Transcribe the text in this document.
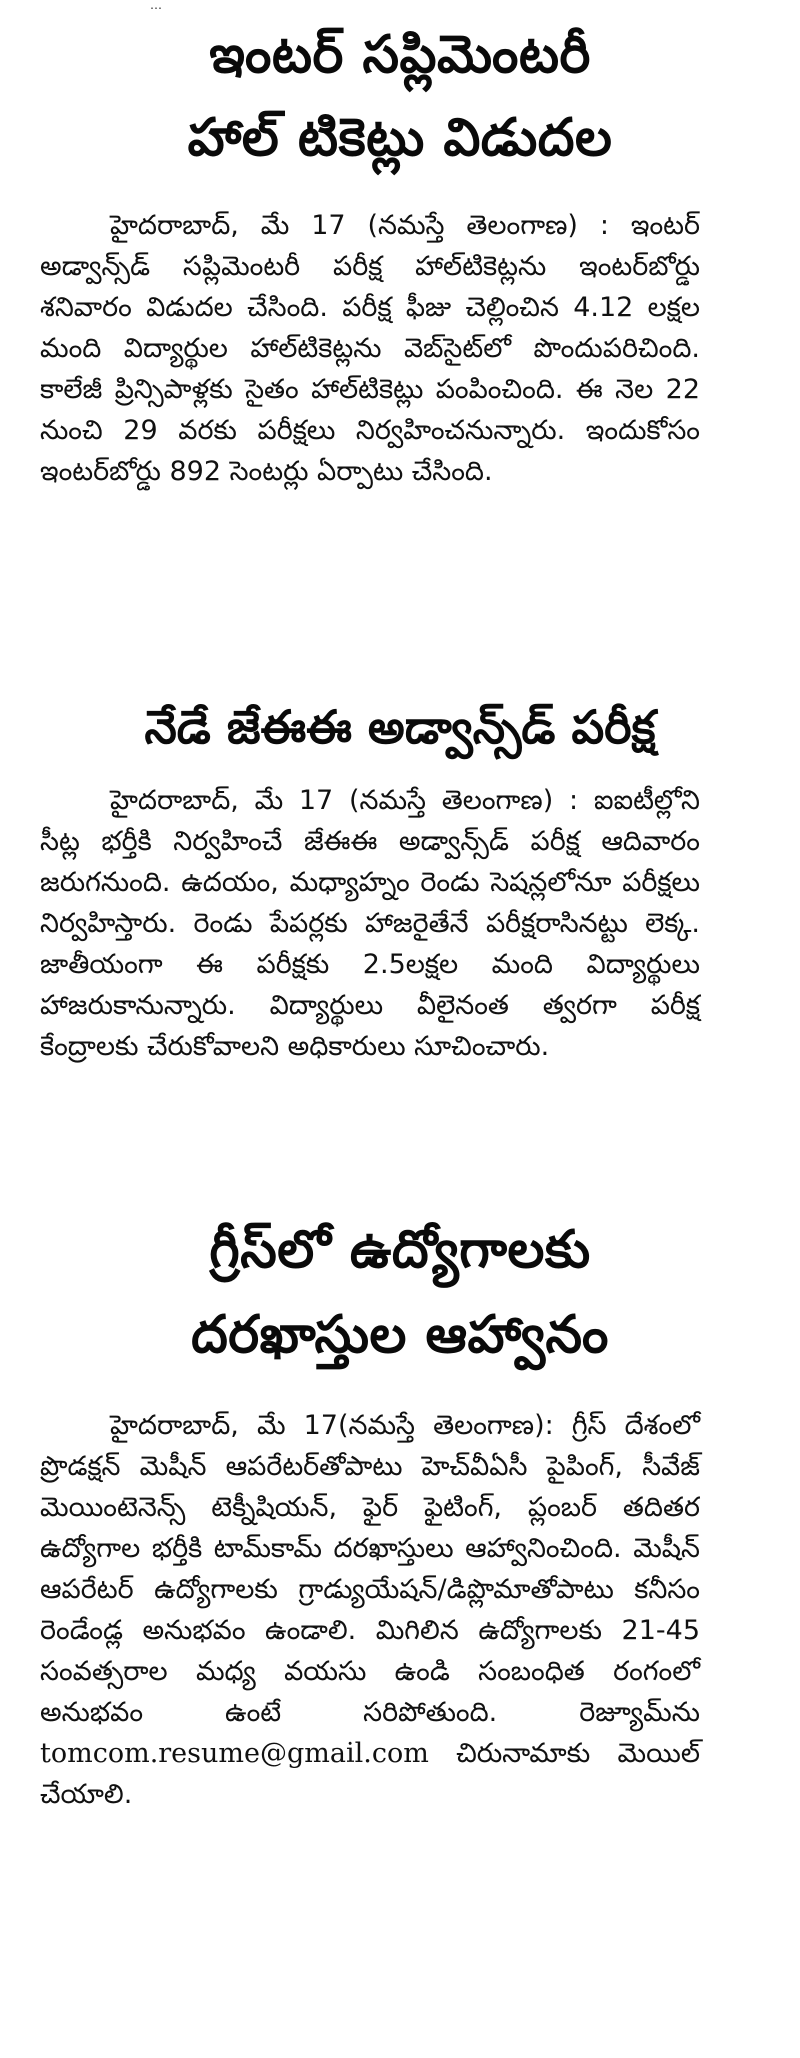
…
ఇంటర్ సప్లిమెంటరీ
హాల్ టికెట్లు విడుదల

హైదరాబాద్, మే 17 (నమస్తే తెలంగాణ) : ఇంటర్ అడ్వాన్స్‌డ్ సప్లిమెంటరీ పరీక్ష హాల్‌టికెట్లను ఇంటర్‌బోర్డు శనివారం విడుదల చేసింది. పరీక్ష ఫీజు చెల్లించిన 4.12 లక్షల మంది విద్యార్థుల హాల్‌టికెట్లను వెబ్‌సైట్‌లో పొందుపరిచింది. కాలేజీ ప్రిన్సిపాళ్లకు సైతం హాల్‌టికెట్లు పంపించింది. ఈ నెల 22 నుంచి 29 వరకు పరీక్షలు నిర్వహించనున్నారు. ఇందుకోసం ఇంటర్‌బోర్డు 892 సెంటర్లు ఏర్పాటు చేసింది.

నేడే జేఈఈ అడ్వాన్స్‌డ్ పరీక్ష

హైదరాబాద్, మే 17 (నమస్తే తెలంగాణ) : ఐఐటీల్లోని సీట్ల భర్తీకి నిర్వహించే జేఈఈ అడ్వాన్స్‌డ్ పరీక్ష ఆదివారం జరుగనుంది. ఉదయం, మధ్యాహ్నం రెండు సెషన్లలోనూ పరీక్షలు నిర్వహిస్తారు. రెండు పేపర్లకు హాజరైతేనే పరీక్షరాసినట్టు లెక్క. జాతీయంగా ఈ పరీక్షకు 2.5లక్షల మంది విద్యార్థులు హాజరుకానున్నారు. విద్యార్థులు వీలైనంత త్వరగా పరీక్ష కేంద్రాలకు చేరుకోవాలని అధికారులు సూచించారు.

గ్రీస్‌లో ఉద్యోగాలకు
దరఖాస్తుల ఆహ్వానం

హైదరాబాద్, మే 17(నమస్తే తెలంగాణ): గ్రీస్ దేశంలో ప్రొడక్షన్ మెషీన్ ఆపరేటర్‌తోపాటు హెచ్‌వీఏసీ పైపింగ్, సీవేజ్ మెయింటెనెన్స్ టెక్నీషియన్, ఫైర్ ఫైటింగ్, ప్లంబర్ తదితర ఉద్యోగాల భర్తీకి టామ్‌కామ్ దరఖాస్తులు ఆహ్వానించింది. మెషీన్ ఆపరేటర్ ఉద్యోగాలకు గ్రాడ్యుయేషన్/డిప్లొమాతోపాటు కనీసం రెండేండ్ల అనుభవం ఉండాలి. మిగిలిన ఉద్యోగాలకు 21-45 సంవత్సరాల మధ్య వయసు ఉండి సంబంధిత రంగంలో అనుభవం ఉంటే సరిపోతుంది. రెజ్యూమ్‌ను tomcom.resume@gmail.com చిరునామాకు మెయిల్ చేయాలి.
